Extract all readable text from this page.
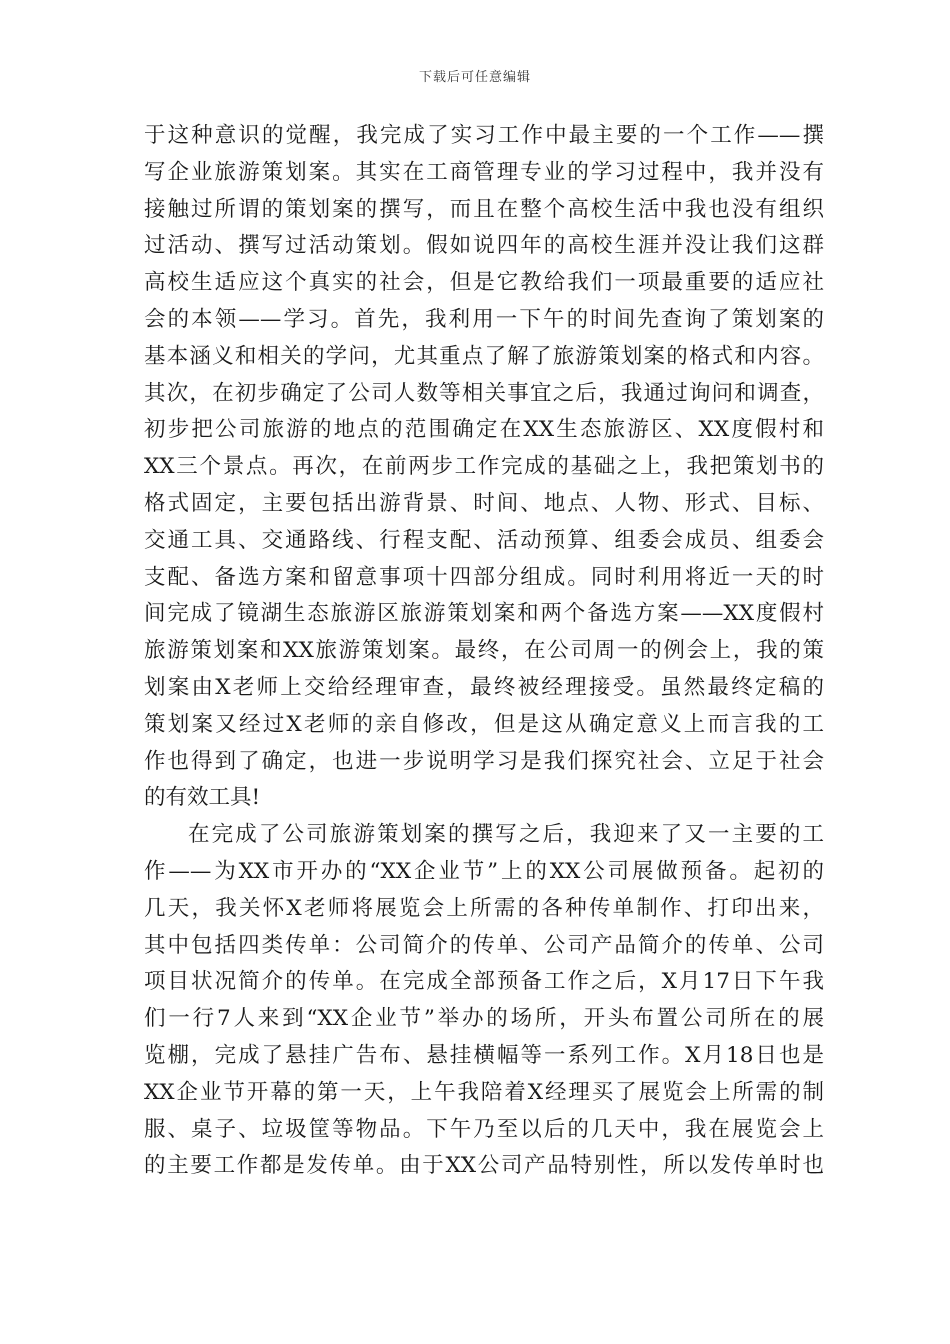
下载后可任意编辑
于这种意识的觉醒，我完成了实习工作中最主要的一个工作——撰
写企业旅游策划案。其实在工商管理专业的学习过程中，我并没有
接触过所谓的策划案的撰写，而且在整个高校生活中我也没有组织
过活动、撰写过活动策划。假如说四年的高校生涯并没让我们这群
高校生适应这个真实的社会，但是它教给我们一项最重要的适应社
会的本领——学习。首先，我利用一下午的时间先查询了策划案的
基本涵义和相关的学问，尤其重点了解了旅游策划案的格式和内容。
其次，在初步确定了公司人数等相关事宜之后，我通过询问和调查，
初步把公司旅游的地点的范围确定在XX生态旅游区、XX度假村和
XX三个景点。再次，在前两步工作完成的基础之上，我把策划书的
格式固定，主要包括出游背景、时间、地点、人物、形式、目标、
交通工具、交通路线、行程支配、活动预算、组委会成员、组委会
支配、备选方案和留意事项十四部分组成。同时利用将近一天的时
间完成了镜湖生态旅游区旅游策划案和两个备选方案——XX度假村
旅游策划案和XX旅游策划案。最终，在公司周一的例会上，我的策
划案由X老师上交给经理审查，最终被经理接受。虽然最终定稿的
策划案又经过X老师的亲自修改，但是这从确定意义上而言我的工
作也得到了确定，也进一步说明学习是我们探究社会、立足于社会
的有效工具!
在完成了公司旅游策划案的撰写之后，我迎来了又一主要的工
作——为XX市开办的“XX企业节”上的XX公司展做预备。起初的
几天，我关怀X老师将展览会上所需的各种传单制作、打印出来，
其中包括四类传单：公司简介的传单、公司产品简介的传单、公司
项目状况简介的传单。在完成全部预备工作之后，X月17日下午我
们一行7人来到“XX企业节”举办的场所，开头布置公司所在的展
览棚，完成了悬挂广告布、悬挂横幅等一系列工作。X月18日也是
XX企业节开幕的第一天，上午我陪着X经理买了展览会上所需的制
服、桌子、垃圾筐等物品。下午乃至以后的几天中，我在展览会上
的主要工作都是发传单。由于XX公司产品特别性，所以发传单时也
